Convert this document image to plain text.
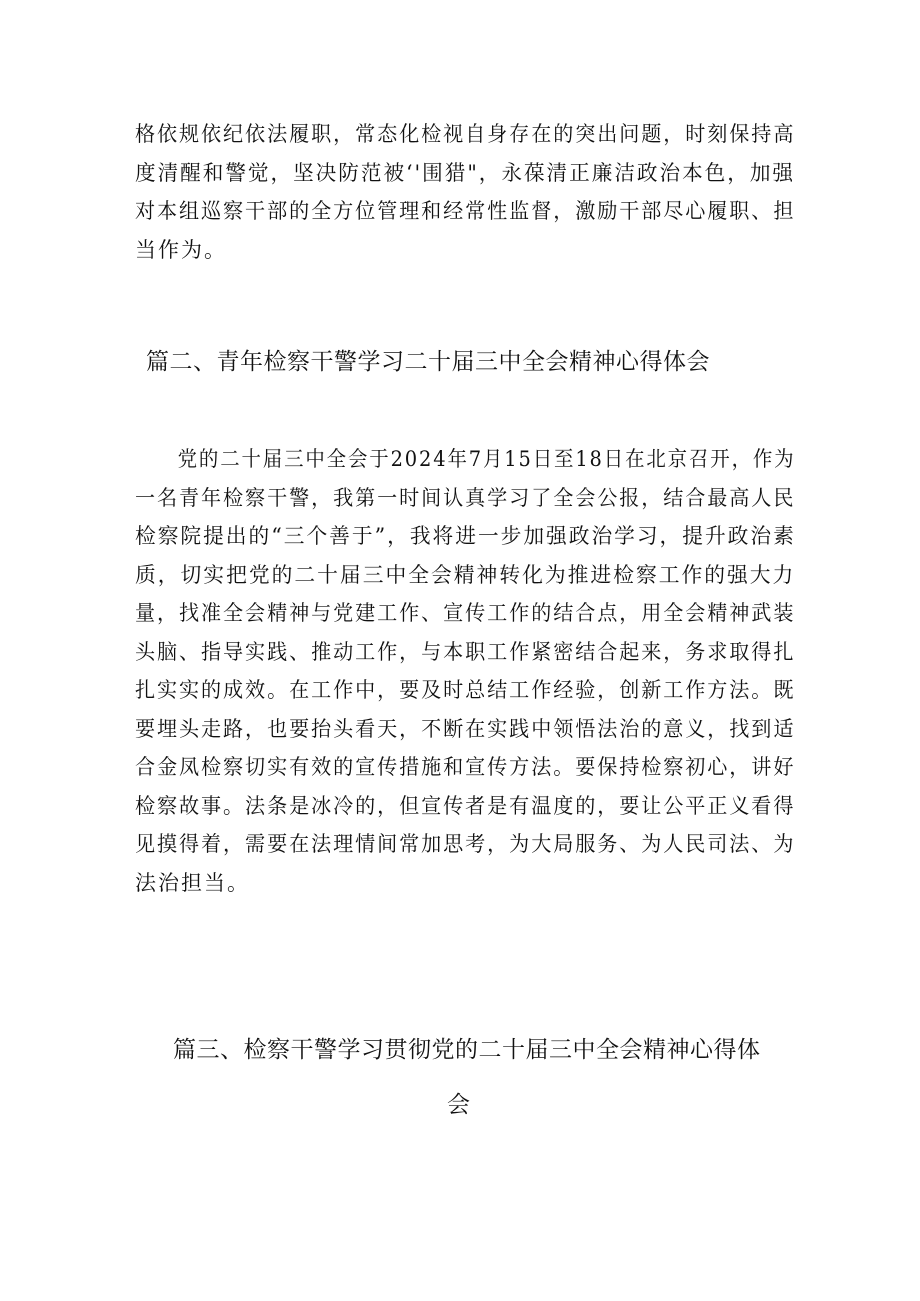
格依规依纪依法履职，常态化检视自身存在的突出问题，时刻保持高
度清醒和警觉，坚决防范被‘'围猎"，永葆清正廉洁政治本色，加强
对本组巡察干部的全方位管理和经常性监督，激励干部尽心履职、担
当作为。
篇二、青年检察干警学习二十届三中全会精神心得体会
　　党的二十届三中全会于2024年7月15日至18日在北京召开，作为
一名青年检察干警，我第一时间认真学习了全会公报，结合最高人民
检察院提出的“三个善于”，我将进一步加强政治学习，提升政治素
质，切实把党的二十届三中全会精神转化为推进检察工作的强大力
量，找准全会精神与党建工作、宣传工作的结合点，用全会精神武装
头脑、指导实践、推动工作，与本职工作紧密结合起来，务求取得扎
扎实实的成效。在工作中，要及时总结工作经验，创新工作方法。既
要埋头走路，也要抬头看天，不断在实践中领悟法治的意义，找到适
合金凤检察切实有效的宣传措施和宣传方法。要保持检察初心，讲好
检察故事。法条是冰冷的，但宣传者是有温度的，要让公平正义看得
见摸得着，需要在法理情间常加思考，为大局服务、为人民司法、为
法治担当。
篇三、检察干警学习贯彻党的二十届三中全会精神心得体
会
